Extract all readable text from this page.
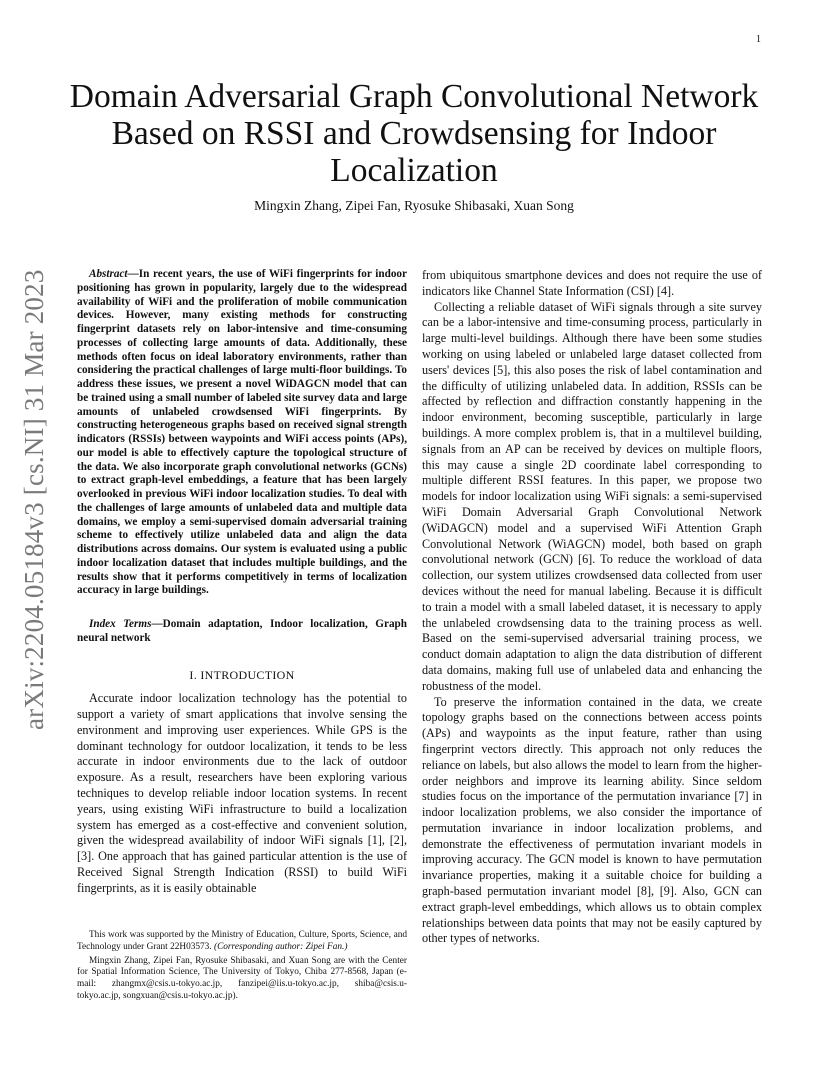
1
arXiv:2204.05184v3 [cs.NI] 31 Mar 2023
Domain Adversarial Graph Convolutional Network
Based on RSSI and Crowdsensing for Indoor
Localization
Mingxin Zhang, Zipei Fan, Ryosuke Shibasaki, Xuan Song

Abstract—In recent years, the use of WiFi fingerprints for indoor positioning has grown in popularity, largely due to the widespread availability of WiFi and the proliferation of mobile communication devices. However, many existing methods for constructing fingerprint datasets rely on labor-intensive and time-consuming processes of collecting large amounts of data. Additionally, these methods often focus on ideal laboratory environments, rather than considering the practical challenges of large multi-floor buildings. To address these issues, we present a novel WiDAGCN model that can be trained using a small number of labeled site survey data and large amounts of unlabeled crowdsensed WiFi fingerprints. By constructing heterogeneous graphs based on received signal strength indicators (RSSIs) between waypoints and WiFi access points (APs), our model is able to effectively capture the topological structure of the data. We also incorporate graph convolutional networks (GCNs) to extract graph-level embeddings, a feature that has been largely overlooked in previous WiFi indoor localization studies. To deal with the challenges of large amounts of unlabeled data and multiple data domains, we employ a semi-supervised domain adversarial training scheme to effectively utilize unlabeled data and align the data distributions across domains. Our system is evaluated using a public indoor localization dataset that includes multiple buildings, and the results show that it performs competitively in terms of localization accuracy in large buildings.

Index Terms—Domain adaptation, Indoor localization, Graph neural network

I. INTRODUCTION

Accurate indoor localization technology has the potential to support a variety of smart applications that involve sensing the environment and improving user experiences. While GPS is the dominant technology for outdoor localization, it tends to be less accurate in indoor environments due to the lack of outdoor exposure. As a result, researchers have been exploring various techniques to develop reliable indoor location systems. In recent years, using existing WiFi infrastructure to build a localization system has emerged as a cost-effective and convenient solution, given the widespread availability of indoor WiFi signals [1], [2], [3]. One approach that has gained particular attention is the use of Received Signal Strength Indication (RSSI) to build WiFi fingerprints, as it is easily obtainable

This work was supported by the Ministry of Education, Culture, Sports, Science, and Technology under Grant 22H03573. (Corresponding author: Zipei Fan.)

Mingxin Zhang, Zipei Fan, Ryosuke Shibasaki, and Xuan Song are with the Center for Spatial Information Science, The University of Tokyo, Chiba 277-8568, Japan (e-mail: zhangmx@csis.u-tokyo.ac.jp, fanzipei@iis.u-tokyo.ac.jp, shiba@csis.u-tokyo.ac.jp, songxuan@csis.u-tokyo.ac.jp).

from ubiquitous smartphone devices and does not require the use of indicators like Channel State Information (CSI) [4].

Collecting a reliable dataset of WiFi signals through a site survey can be a labor-intensive and time-consuming process, particularly in large multi-level buildings. Although there have been some studies working on using labeled or unlabeled large dataset collected from users' devices [5], this also poses the risk of label contamination and the difficulty of utilizing unlabeled data. In addition, RSSIs can be affected by reflection and diffraction constantly happening in the indoor environment, becoming susceptible, particularly in large buildings. A more complex problem is, that in a multilevel building, signals from an AP can be received by devices on multiple floors, this may cause a single 2D coordinate label corresponding to multiple different RSSI features. In this paper, we propose two models for indoor localization using WiFi signals: a semi-supervised WiFi Domain Adversarial Graph Convolutional Network (WiDAGCN) model and a supervised WiFi Attention Graph Convolutional Network (WiAGCN) model, both based on graph convolutional network (GCN) [6]. To reduce the workload of data collection, our system utilizes crowdsensed data collected from user devices without the need for manual labeling. Because it is difficult to train a model with a small labeled dataset, it is necessary to apply the unlabeled crowdsensing data to the training process as well. Based on the semi-supervised adversarial training process, we conduct domain adaptation to align the data distribution of different data domains, making full use of unlabeled data and enhancing the robustness of the model.

To preserve the information contained in the data, we create topology graphs based on the connections between access points (APs) and waypoints as the input feature, rather than using fingerprint vectors directly. This approach not only reduces the reliance on labels, but also allows the model to learn from the higher-order neighbors and improve its learning ability. Since seldom studies focus on the importance of the permutation invariance [7] in indoor localization problems, we also consider the importance of permutation invariance in indoor localization problems, and demonstrate the effectiveness of permutation invariant models in improving accuracy. The GCN model is known to have permutation invariance properties, making it a suitable choice for building a graph-based permutation invariant model [8], [9]. Also, GCN can extract graph-level embeddings, which allows us to obtain complex relationships between data points that may not be easily captured by other types of networks.
